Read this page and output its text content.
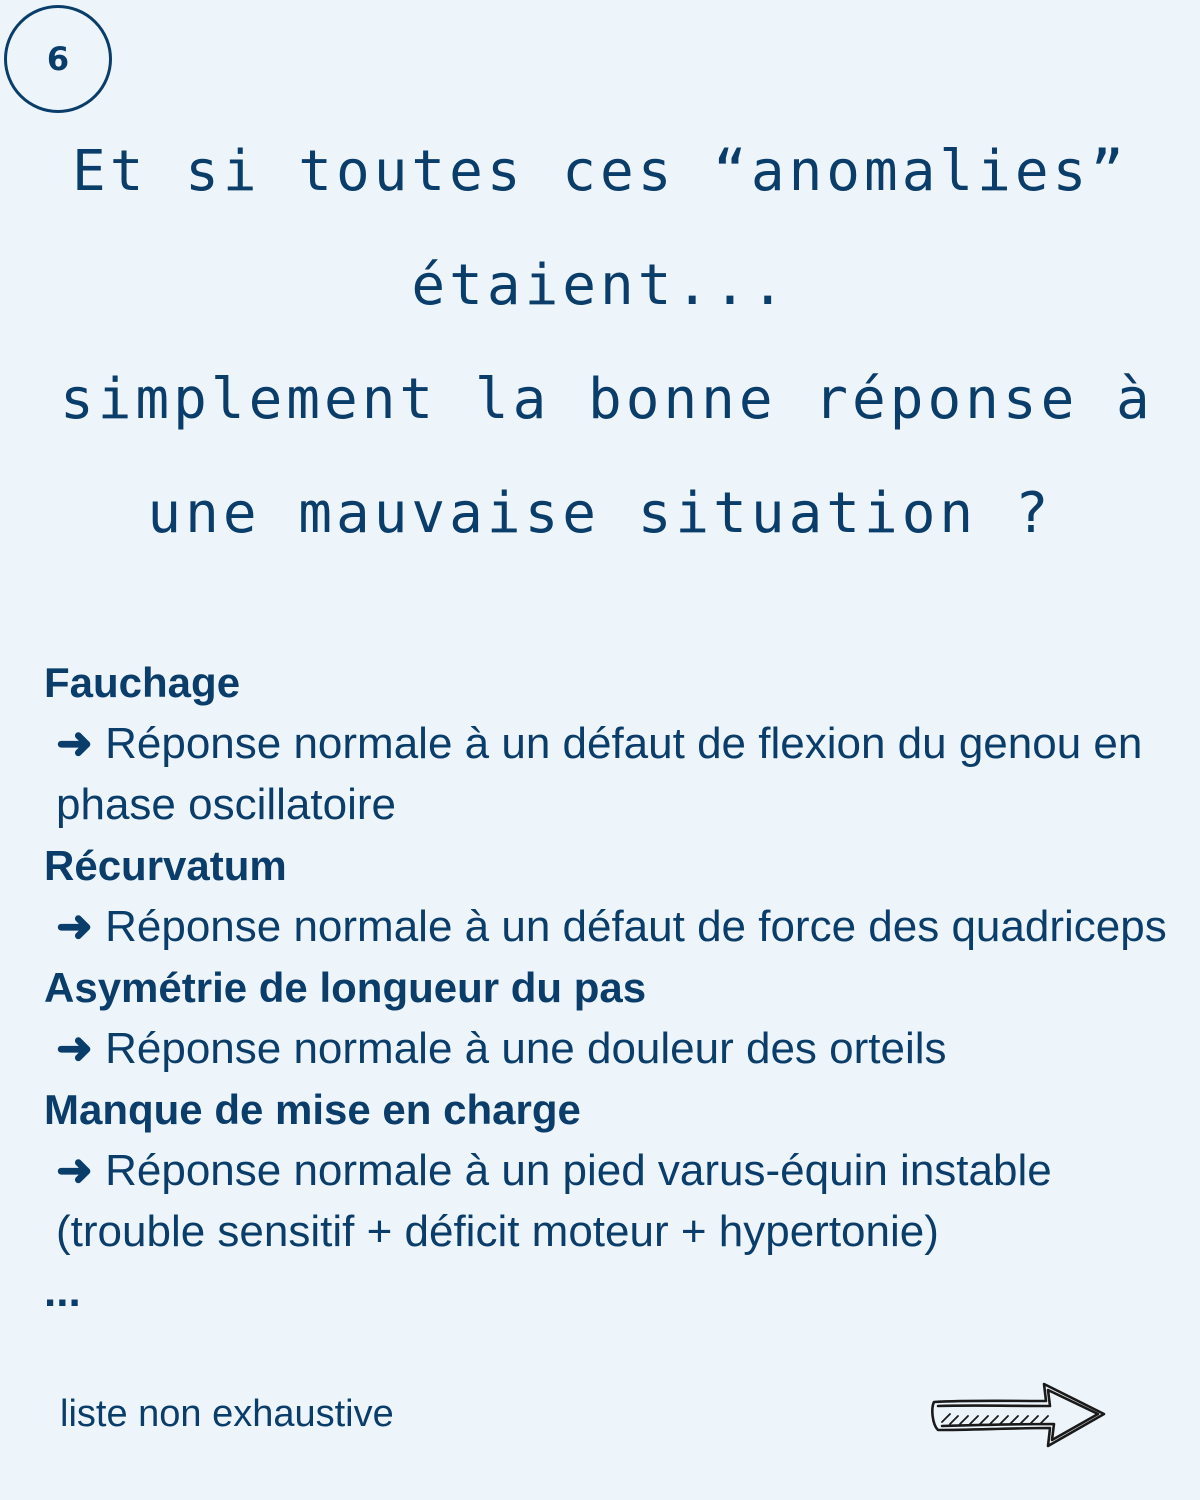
6
Et si toutes ces “anomalies”
étaient...
simplement la bonne réponse à
une mauvaise situation ?
Fauchage
➜ Réponse normale à un défaut de flexion du genou en phase oscillatoire
Récurvatum
➜ Réponse normale à un défaut de force des quadriceps
Asymétrie de longueur du pas
➜ Réponse normale à une douleur des orteils
Manque de mise en charge
➜ Réponse normale à un pied varus-équin instable (trouble sensitif + déficit moteur + hypertonie)
...
liste non exhaustive
